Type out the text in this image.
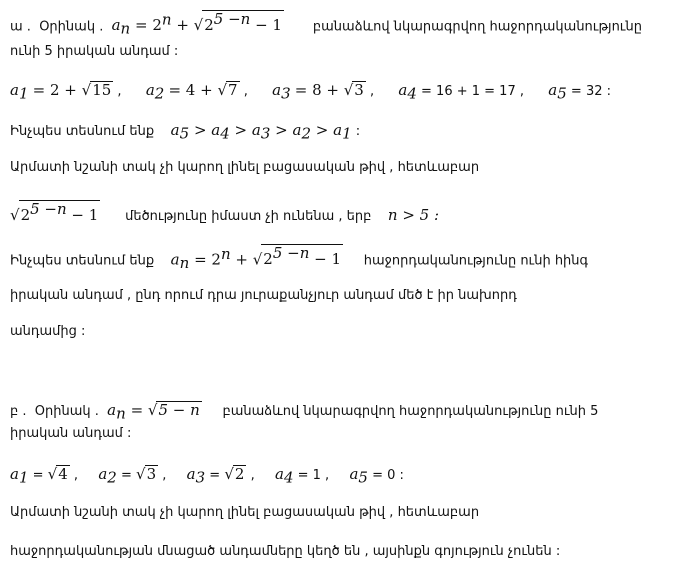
ա . Օրինակ . $a_n = 2^n + √2^{5 -n} - 1$ բանաձևով նկարագրվող հաջորդականությունը
ունի 5 իրական անդամ :
$a_1 = 2 + √15$ , $a_2 = 4 + √7$ , $a_3 = 8 + √3$ , $a_4 = 16 + 1 = 17$ , $a_5 = 32$ :
Ինչպես տեսնում ենք $a_5 > a_4 > a_3 > a_2 > a_1$ :
Արմատի նշանի տակ չի կարող լինել բացասական թիվ , հետևաբար
$√2^{5 -n} - 1$ մեծությունը իմաստ չի ունենա , երբ n > 5 :
Ինչպես տեսնում ենք $a_n = 2^n + √2^{5 -n} - 1$ հաջորդականությունը ունի հինգ
իրական անդամ , ընդ որում դրա յուրաքանչյուր անդամ մեծ է իր նախորդ
անդամից :
բ . Օրինակ . $a_n = √5 - n$ բանաձևով նկարագրվող հաջորդականությունը ունի 5
իրական անդամ :
$a_1 = √4$ , $a_2 = √3$ , $a_3 = √2$ , $a_4 = 1$ , $a_5 = 0$ :
Արմատի նշանի տակ չի կարող լինել բացասական թիվ , հետևաբար
հաջորդականության մնացած անդամները կեղծ են , այսինքն գոյություն չունեն :
